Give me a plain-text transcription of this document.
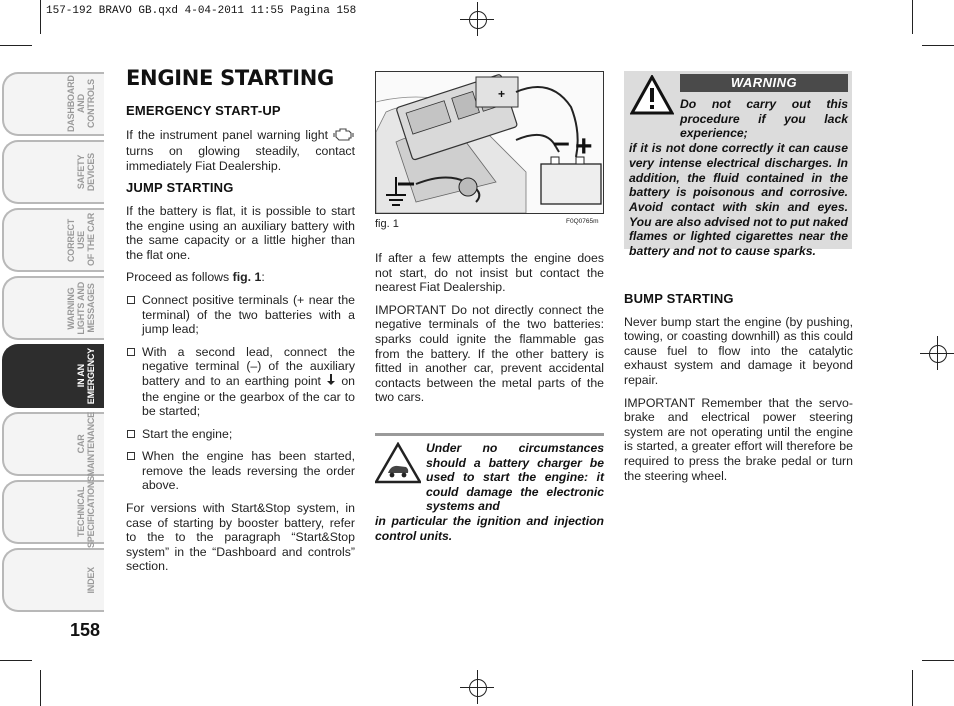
157-192 BRAVO GB.qxd 4-04-2011 11:55 Pagina 158
DASHBOARD
AND CONTROLS
SAFETY
DEVICES
CORRECT USE
OF THE CAR
WARNING
LIGHTS AND
MESSAGES
IN AN
EMERGENCY
CAR
MAINTENANCE
TECHNICAL
SPECIFICATIONS
INDEX
158
ENGINE STARTING
EMERGENCY START-UP

If the instrument panel warning light  turns on glowing steadily, contact immediately Fiat Dealership.

JUMP STARTING

If the battery is flat, it is possible to start the engine using an auxiliary battery with the same capacity or a little higher than the flat one.

Proceed as follows fig. 1:

Connect positive terminals (+ near the terminal) of the two batteries with a jump lead;
With a second lead, connect the negative terminal (–) of the auxiliary battery and to an earthing point on the engine or the gearbox of the car to be started;
Start the engine;
When the engine has been started, remove the leads reversing the order above.

For versions with Start&Stop system, in case of starting by booster battery, refer to the to the paragraph “Start&Stop system” in the “Dashboard and controls” section.

+
– +
fig. 1	F0Q0765m

If after a few attempts the engine does not start, do not insist but contact the nearest Fiat Dealership.

IMPORTANT Do not directly connect the negative terminals of the two batteries: sparks could ignite the flammable gas from the battery. If the other battery is fitted in another car, prevent accidental contacts between the metal parts of the two cars.

Under no circumstances should a battery charger be used to start the engine: it could damage the electronic systems and
in particular the ignition and injection control units.
WARNING
Do not carry out this procedure if you lack experience;
if it is not done correctly it can cause very intense electrical discharges. In addition, the fluid contained in the battery is poisonous and corrosive. Avoid contact with skin and eyes. You are also advised not to put naked flames or lighted cigarettes near the battery and not to cause sparks.
BUMP STARTING

Never bump start the engine (by pushing, towing, or coasting downhill) as this could cause fuel to flow into the catalytic exhaust system and damage it beyond repair.

IMPORTANT Remember that the servo-brake and electrical power steering system are not operating until the engine is started, a greater effort will therefore be required to press the brake pedal or turn the steering wheel.
